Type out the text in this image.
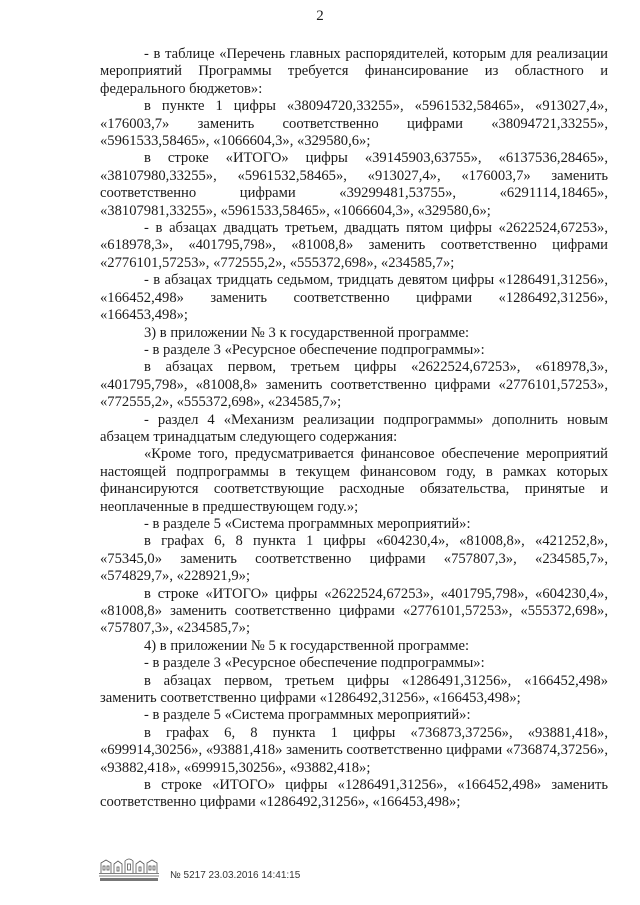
2

- в таблице «Перечень главных распорядителей, которым для реализации мероприятий Программы требуется финансирование из областного и федерального бюджетов»:

в пункте 1 цифры «38094720,33255», «5961532,58465», «913027,4», «176003,7» заменить соответственно цифрами «38094721,33255», «5961533,58465», «1066604,3», «329580,6»;

в строке «ИТОГО» цифры «39145903,63755», «6137536,28465», «38107980,33255», «5961532,58465», «913027,4», «176003,7» заменить соответственно цифрами «39299481,53755», «6291114,18465», «38107981,33255», «5961533,58465», «1066604,3», «329580,6»;

- в абзацах двадцать третьем, двадцать пятом цифры «2622524,67253», «618978,3», «401795,798», «81008,8» заменить соответственно цифрами «2776101,57253», «772555,2», «555372,698», «234585,7»;

- в абзацах тридцать седьмом, тридцать девятом цифры «1286491,31256», «166452,498» заменить соответственно цифрами «1286492,31256», «166453,498»;

3) в приложении № 3 к государственной программе:

- в разделе 3 «Ресурсное обеспечение подпрограммы»:

в абзацах первом, третьем цифры «2622524,67253», «618978,3», «401795,798», «81008,8» заменить соответственно цифрами «2776101,57253», «772555,2», «555372,698», «234585,7»;

- раздел 4 «Механизм реализации подпрограммы» дополнить новым абзацем тринадцатым следующего содержания:

«Кроме того, предусматривается финансовое обеспечение мероприятий настоящей подпрограммы в текущем финансовом году, в рамках которых финансируются соответствующие расходные обязательства, принятые и неоплаченные в предшествующем году.»;

- в разделе 5 «Система программных мероприятий»:

в графах 6, 8 пункта 1 цифры «604230,4», «81008,8», «421252,8», «75345,0» заменить соответственно цифрами «757807,3», «234585,7», «574829,7», «228921,9»;

в строке «ИТОГО» цифры «2622524,67253», «401795,798», «604230,4», «81008,8» заменить соответственно цифрами «2776101,57253», «555372,698», «757807,3», «234585,7»;

4) в приложении № 5 к государственной программе:

- в разделе 3 «Ресурсное обеспечение подпрограммы»:

в абзацах первом, третьем цифры «1286491,31256», «166452,498» заменить соответственно цифрами «1286492,31256», «166453,498»;

- в разделе 5 «Система программных мероприятий»:

в графах 6, 8 пункта 1 цифры «736873,37256», «93881,418», «699914,30256», «93881,418» заменить соответственно цифрами «736874,37256», «93882,418», «699915,30256», «93882,418»;

в строке «ИТОГО» цифры «1286491,31256», «166452,498» заменить соответственно цифрами «1286492,31256», «166453,498»;

№ 5217 23.03.2016 14:41:15
